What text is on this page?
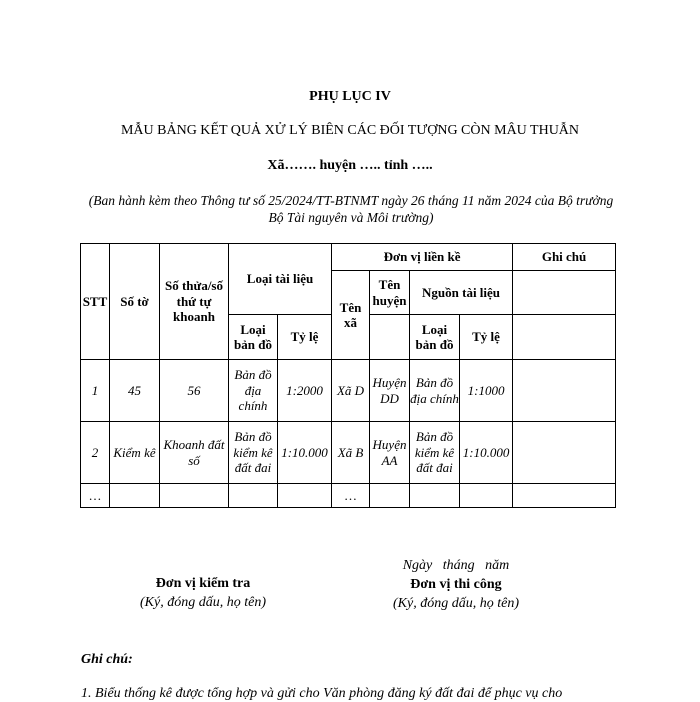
PHỤ LỤC IV
MẪU BẢNG KẾT QUẢ XỬ LÝ BIÊN CÁC ĐỐI TƯỢNG CÒN MÂU THUẪN
Xã……. huyện ….. tỉnh …..
(Ban hành kèm theo Thông tư số 25/2024/TT-BTNMT ngày 26 tháng 11 năm 2024 của Bộ trưởng Bộ Tài nguyên và Môi trường)
STT	Số tờ	Số thửa/số thứ tự khoanh	Loại tài liệu		Đơn vị liền kề				Ghi chú
					Tên xã	Tên huyện	Nguồn tài liệu		
			Loại bản đồ	Tỷ lệ			Loại bản đồ	Tỷ lệ	
1	45	56	Bản đồ địa chính	1:2000	Xã D	Huyện DD	Bản đồ địa chính	1:1000	
2	Kiểm kê	Khoanh đất số	Bản đồ kiểm kê đất đai	1:10.000	Xã B	Huyện AA	Bản đồ kiểm kê đất đai	1:10.000	
…					…				
Đơn vị kiểm tra
(Ký, đóng dấu, họ tên)
Ngày   tháng   năm
Đơn vị thi công
(Ký, đóng dấu, họ tên)
Ghi chú:
1. Biểu thống kê được tổng hợp và gửi cho Văn phòng đăng ký đất đai để phục vụ cho
